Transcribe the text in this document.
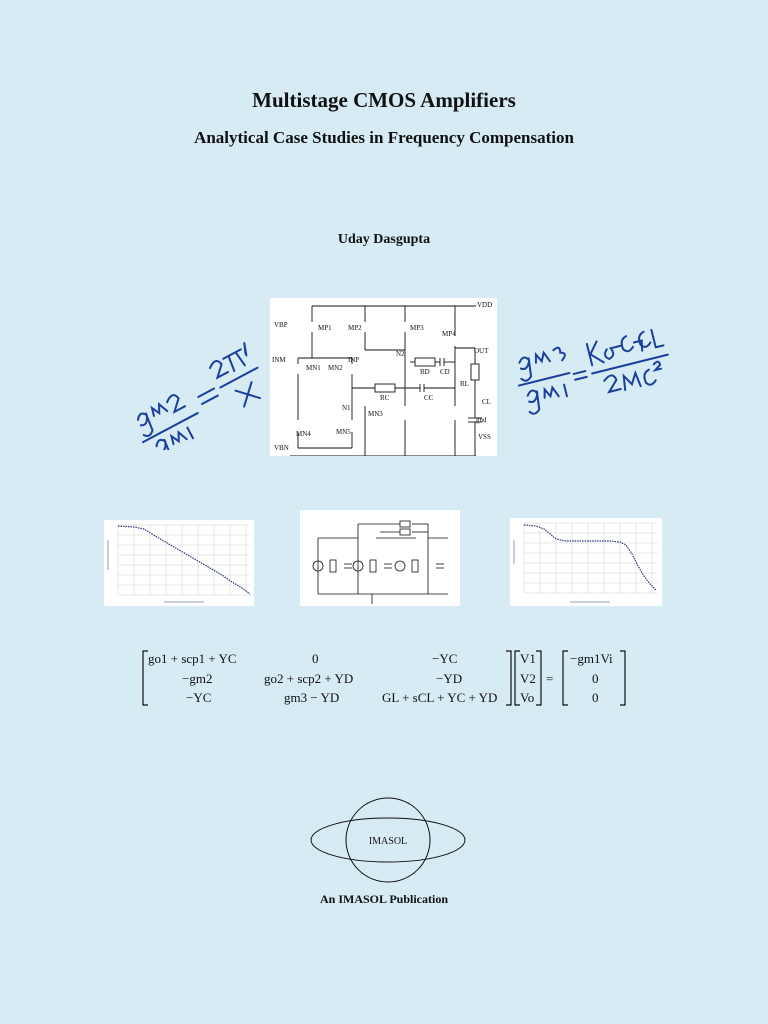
Multistage CMOS Amplifiers
Analytical Case Studies in Frequency Compensation
Uday Dasgupta
VDD
VBP
VBN
INM	INP
OUT
gnd
VSS
MP1 MP2	MP3
MP4
MN1 MN2
MN3
MN4	MN5
N1
N2
RC	CC
RD CD
RL
CL
go1 + scp1 + YC	0	−YC
−gm2	go2 + scp2 + YD	−YD
−YC	gm3 − YD	GL + sCL + YC + YD
V1
V2
Vo
=
−gm1Vi
0
0
IMASOL
An IMASOL Publication
